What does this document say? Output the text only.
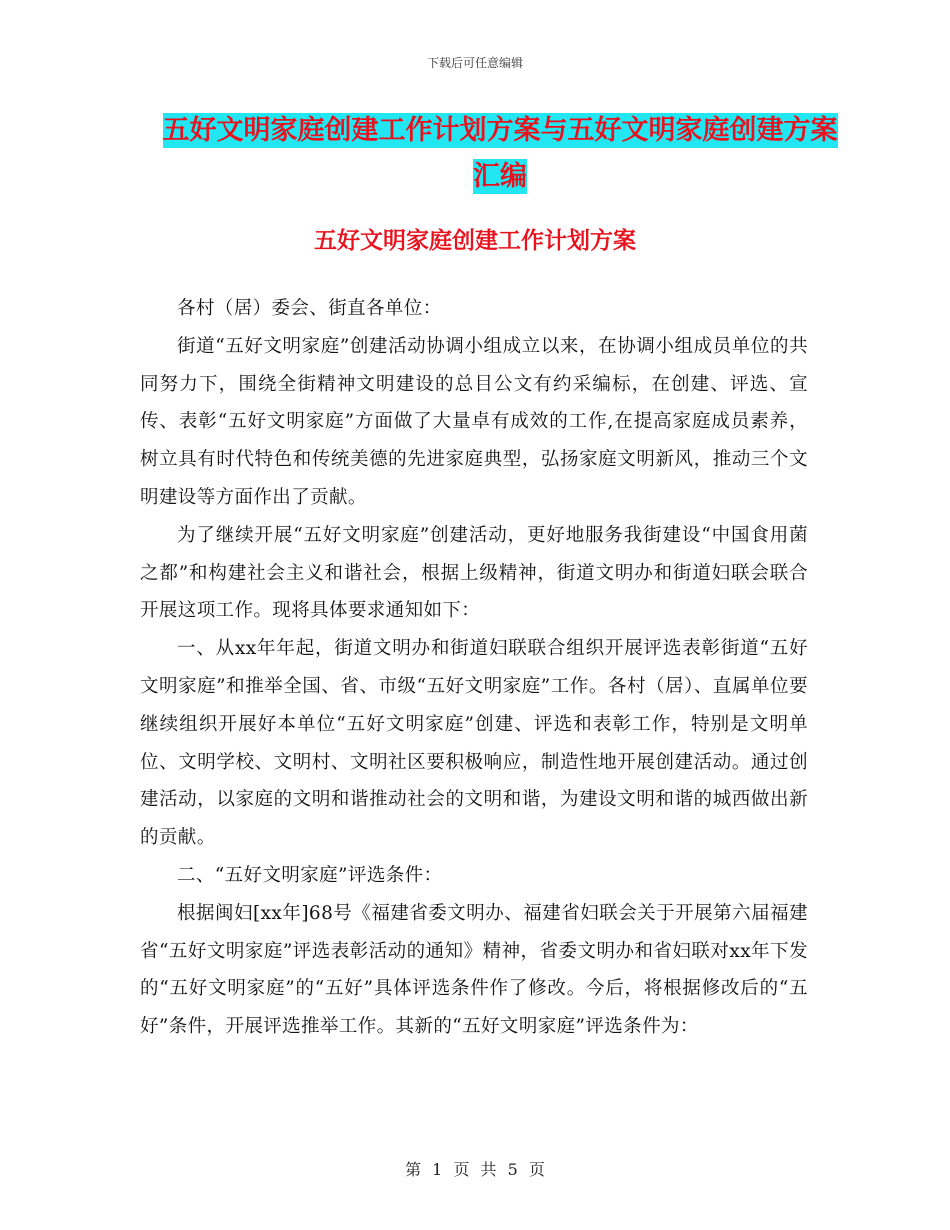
下载后可任意编辑
五好文明家庭创建工作计划方案与五好文明家庭创建方案汇编
五好文明家庭创建工作计划方案

各村（居）委会、街直各单位：

街道“五好文明家庭”创建活动协调小组成立以来，在协调小组成员单位的共同努力下，围绕全街精神文明建设的总目公文有约采编标，在创建、评选、宣传、表彰“五好文明家庭”方面做了大量卓有成效的工作,在提高家庭成员素养，树立具有时代特色和传统美德的先进家庭典型，弘扬家庭文明新风，推动三个文明建设等方面作出了贡献。

为了继续开展“五好文明家庭”创建活动，更好地服务我街建设“中国食用菌之都”和构建社会主义和谐社会，根据上级精神，街道文明办和街道妇联会联合开展这项工作。现将具体要求通知如下：

一、从xx年年起，街道文明办和街道妇联联合组织开展评选表彰街道“五好文明家庭”和推举全国、省、市级“五好文明家庭”工作。各村（居）、直属单位要继续组织开展好本单位“五好文明家庭”创建、评选和表彰工作，特别是文明单位、文明学校、文明村、文明社区要积极响应，制造性地开展创建活动。通过创建活动，以家庭的文明和谐推动社会的文明和谐，为建设文明和谐的城西做出新的贡献。

二、“五好文明家庭”评选条件：

根据闽妇[xx年]68号《福建省委文明办、福建省妇联会关于开展第六届福建省“五好文明家庭”评选表彰活动的通知》精神，省委文明办和省妇联对xx年下发的“五好文明家庭”的“五好”具体评选条件作了修改。今后，将根据修改后的“五好”条件，开展评选推举工作。其新的“五好文明家庭”评选条件为：

第 1 页 共 5 页
